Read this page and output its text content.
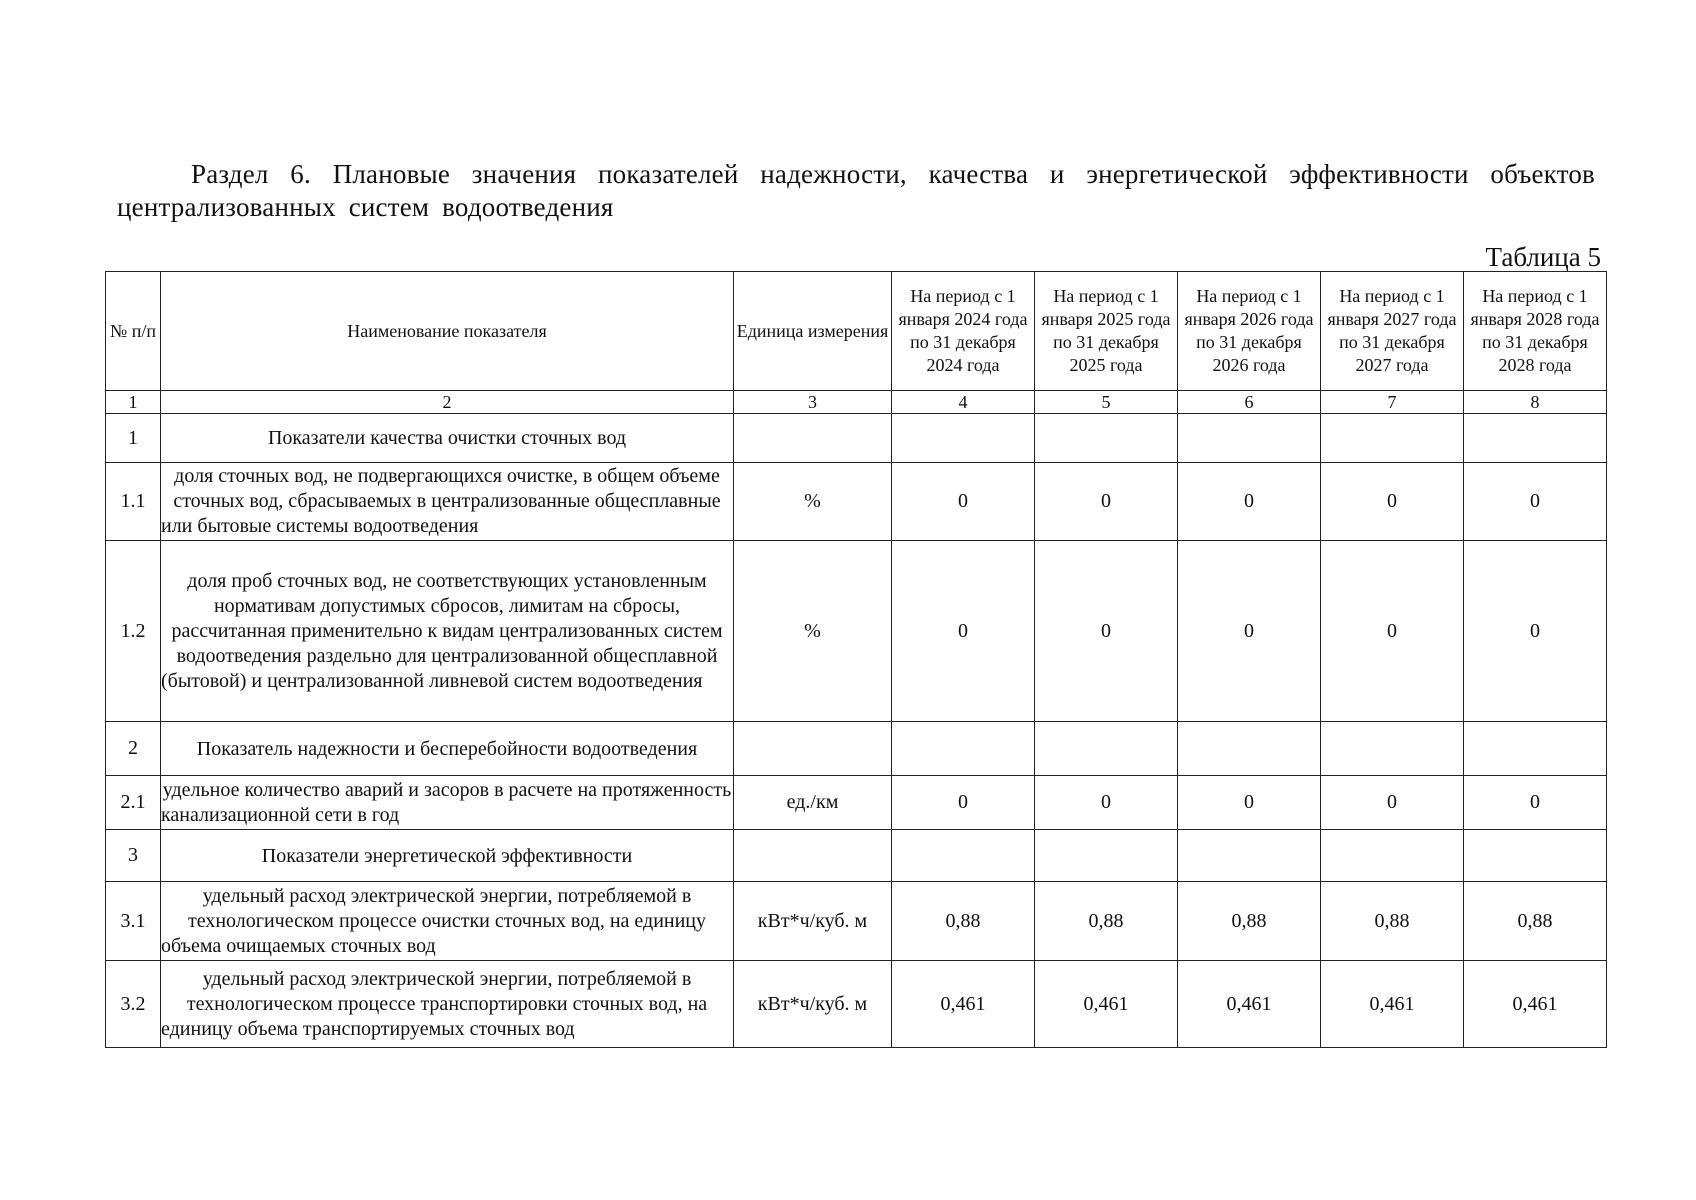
Раздел 6. Плановые значения показателей надежности, качества и энергетической эффективности объектов централизованных систем водоотведения
Таблица 5
№ п/п	Наименование показателя	Единица измерения	На период с 1 января 2024 года по 31 декабря 2024 года	На период с 1 января 2025 года по 31 декабря 2025 года	На период с 1 января 2026 года по 31 декабря 2026 года	На период с 1 января 2027 года по 31 декабря 2027 года	На период с 1 января 2028 года по 31 декабря 2028 года
1	2	3	4	5	6	7	8
1	Показатели качества очистки сточных вод						
1.1	доля сточных вод, не подвергающихся очистке, в общем объеме сточных вод, сбрасываемых в централизованные общесплавные или бытовые системы водоотведения	%	0	0	0	0	0
1.2	доля проб сточных вод, не соответствующих установленным нормативам допустимых сбросов, лимитам на сбросы, рассчитанная применительно к видам централизованных систем водоотведения раздельно для централизованной общесплавной (бытовой) и централизованной ливневой систем водоотведения	%	0	0	0	0	0
2	Показатель надежности и бесперебойности водоотведения						
2.1	удельное количество аварий и засоров в расчете на протяженность канализационной сети в год	ед./км	0	0	0	0	0
3	Показатели энергетической эффективности						
3.1	удельный расход электрической энергии, потребляемой в технологическом процессе очистки сточных вод, на единицу объема очищаемых сточных вод	кВт*ч/куб. м	0,88	0,88	0,88	0,88	0,88
3.2	удельный расход электрической энергии, потребляемой в технологическом процессе транспортировки сточных вод, на единицу объема транспортируемых сточных вод	кВт*ч/куб. м	0,461	0,461	0,461	0,461	0,461
